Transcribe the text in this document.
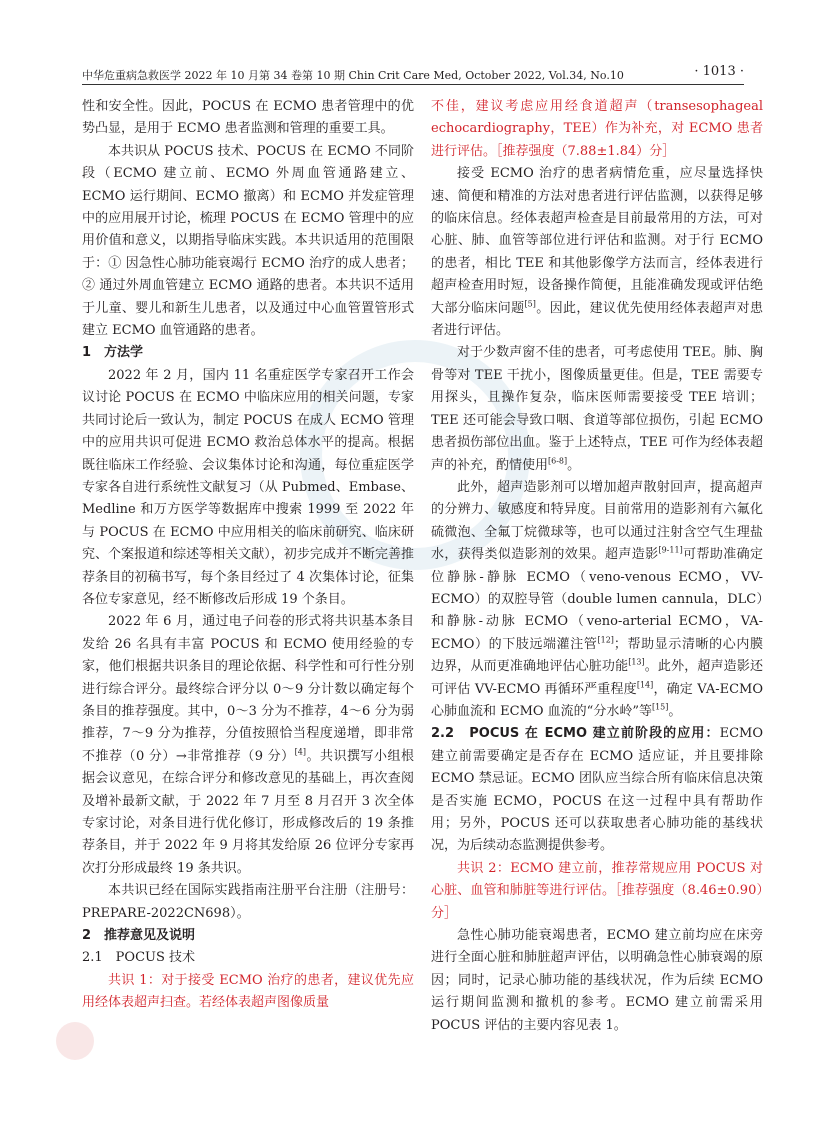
中华危重病急救医学 2022 年 10 月第 34 卷第 10 期 Chin Crit Care Med, October 2022, Vol.34, No.10	· 1013 ·

性和安全性。因此，POCUS 在 ECMO 患者管理中的优势凸显，是用于 ECMO 患者监测和管理的重要工具。

本共识从 POCUS 技术、POCUS 在 ECMO 不同阶段（ECMO 建立前、ECMO 外周血管通路建立、ECMO 运行期间、ECMO 撤离）和 ECMO 并发症管理中的应用展开讨论，梳理 POCUS 在 ECMO 管理中的应用价值和意义，以期指导临床实践。本共识适用的范围限于：① 因急性心肺功能衰竭行 ECMO 治疗的成人患者；② 通过外周血管建立 ECMO 通路的患者。本共识不适用于儿童、婴儿和新生儿患者，以及通过中心血管置管形式建立 ECMO 血管通路的患者。

1　方法学

2022 年 2 月，国内 11 名重症医学专家召开工作会议讨论 POCUS 在 ECMO 中临床应用的相关问题，专家共同讨论后一致认为，制定 POCUS 在成人 ECMO 管理中的应用共识可促进 ECMO 救治总体水平的提高。根据既往临床工作经验、会议集体讨论和沟通，每位重症医学专家各自进行系统性文献复习（从 Pubmed、Embase、Medline 和万方医学等数据库中搜索 1999 至 2022 年与 POCUS 在 ECMO 中应用相关的临床前研究、临床研究、个案报道和综述等相关文献），初步完成并不断完善推荐条目的初稿书写，每个条目经过了 4 次集体讨论，征集各位专家意见，经不断修改后形成 19 个条目。

2022 年 6 月，通过电子问卷的形式将共识基本条目发给 26 名具有丰富 POCUS 和 ECMO 使用经验的专家，他们根据共识条目的理论依据、科学性和可行性分别进行综合评分。最终综合评分以 0～9 分计数以确定每个条目的推荐强度。其中，0～3 分为不推荐，4～6 分为弱推荐，7～9 分为推荐，分值按照恰当程度递增，即非常不推荐（0 分）→非常推荐（9 分）[4]。共识撰写小组根据会议意见，在综合评分和修改意见的基础上，再次查阅及增补最新文献，于 2022 年 7 月至 8 月召开 3 次全体专家讨论，对条目进行优化修订，形成修改后的 19 条推荐条目，并于 2022 年 9 月将其发给原 26 位评分专家再次打分形成最终 19 条共识。

本共识已经在国际实践指南注册平台注册（注册号：PREPARE-2022CN698）。

2　推荐意见及说明
2.1　POCUS 技术

共识 1：对于接受 ECMO 治疗的患者，建议优先应用经体表超声扫查。若经体表超声图像质量

不佳，建议考虑应用经食道超声（transesophageal echocardiography，TEE）作为补充，对 ECMO 患者进行评估。［推荐强度（7.88±1.84）分］

接受 ECMO 治疗的患者病情危重，应尽量选择快速、简便和精准的方法对患者进行评估监测，以获得足够的临床信息。经体表超声检查是目前最常用的方法，可对心脏、肺、血管等部位进行评估和监测。对于行 ECMO 的患者，相比 TEE 和其他影像学方法而言，经体表进行超声检查用时短，设备操作简便，且能准确发现或评估绝大部分临床问题[5]。因此，建议优先使用经体表超声对患者进行评估。

对于少数声窗不佳的患者，可考虑使用 TEE。肺、胸骨等对 TEE 干扰小，图像质量更佳。但是，TEE 需要专用探头，且操作复杂，临床医师需要接受 TEE 培训；TEE 还可能会导致口咽、食道等部位损伤，引起 ECMO 患者损伤部位出血。鉴于上述特点，TEE 可作为经体表超声的补充，酌情使用[6-8]。

此外，超声造影剂可以增加超声散射回声，提高超声的分辨力、敏感度和特异度。目前常用的造影剂有六氟化硫微泡、全氟丁烷微球等，也可以通过注射含空气生理盐水，获得类似造影剂的效果。超声造影[9-11]可帮助准确定位静脉-静脉 ECMO（veno-venous ECMO，VV-ECMO）的双腔导管（double lumen cannula，DLC）和静脉-动脉 ECMO（veno-arterial ECMO，VA-ECMO）的下肢远端灌注管[12]；帮助显示清晰的心内膜边界，从而更准确地评估心脏功能[13]。此外，超声造影还可评估 VV-ECMO 再循环严重程度[14]，确定 VA-ECMO 心肺血流和 ECMO 血流的“分水岭”等[15]。

2.2　POCUS 在 ECMO 建立前阶段的应用：ECMO 建立前需要确定是否存在 ECMO 适应证，并且要排除 ECMO 禁忌证。ECMO 团队应当综合所有临床信息决策是否实施 ECMO，POCUS 在这一过程中具有帮助作用；另外，POCUS 还可以获取患者心肺功能的基线状况，为后续动态监测提供参考。

共识 2：ECMO 建立前，推荐常规应用 POCUS 对心脏、血管和肺脏等进行评估。［推荐强度（8.46±0.90）分］

急性心肺功能衰竭患者，ECMO 建立前均应在床旁进行全面心脏和肺脏超声评估，以明确急性心肺衰竭的原因；同时，记录心肺功能的基线状况，作为后续 ECMO 运行期间监测和撤机的参考。ECMO 建立前需采用 POCUS 评估的主要内容见表 1。
